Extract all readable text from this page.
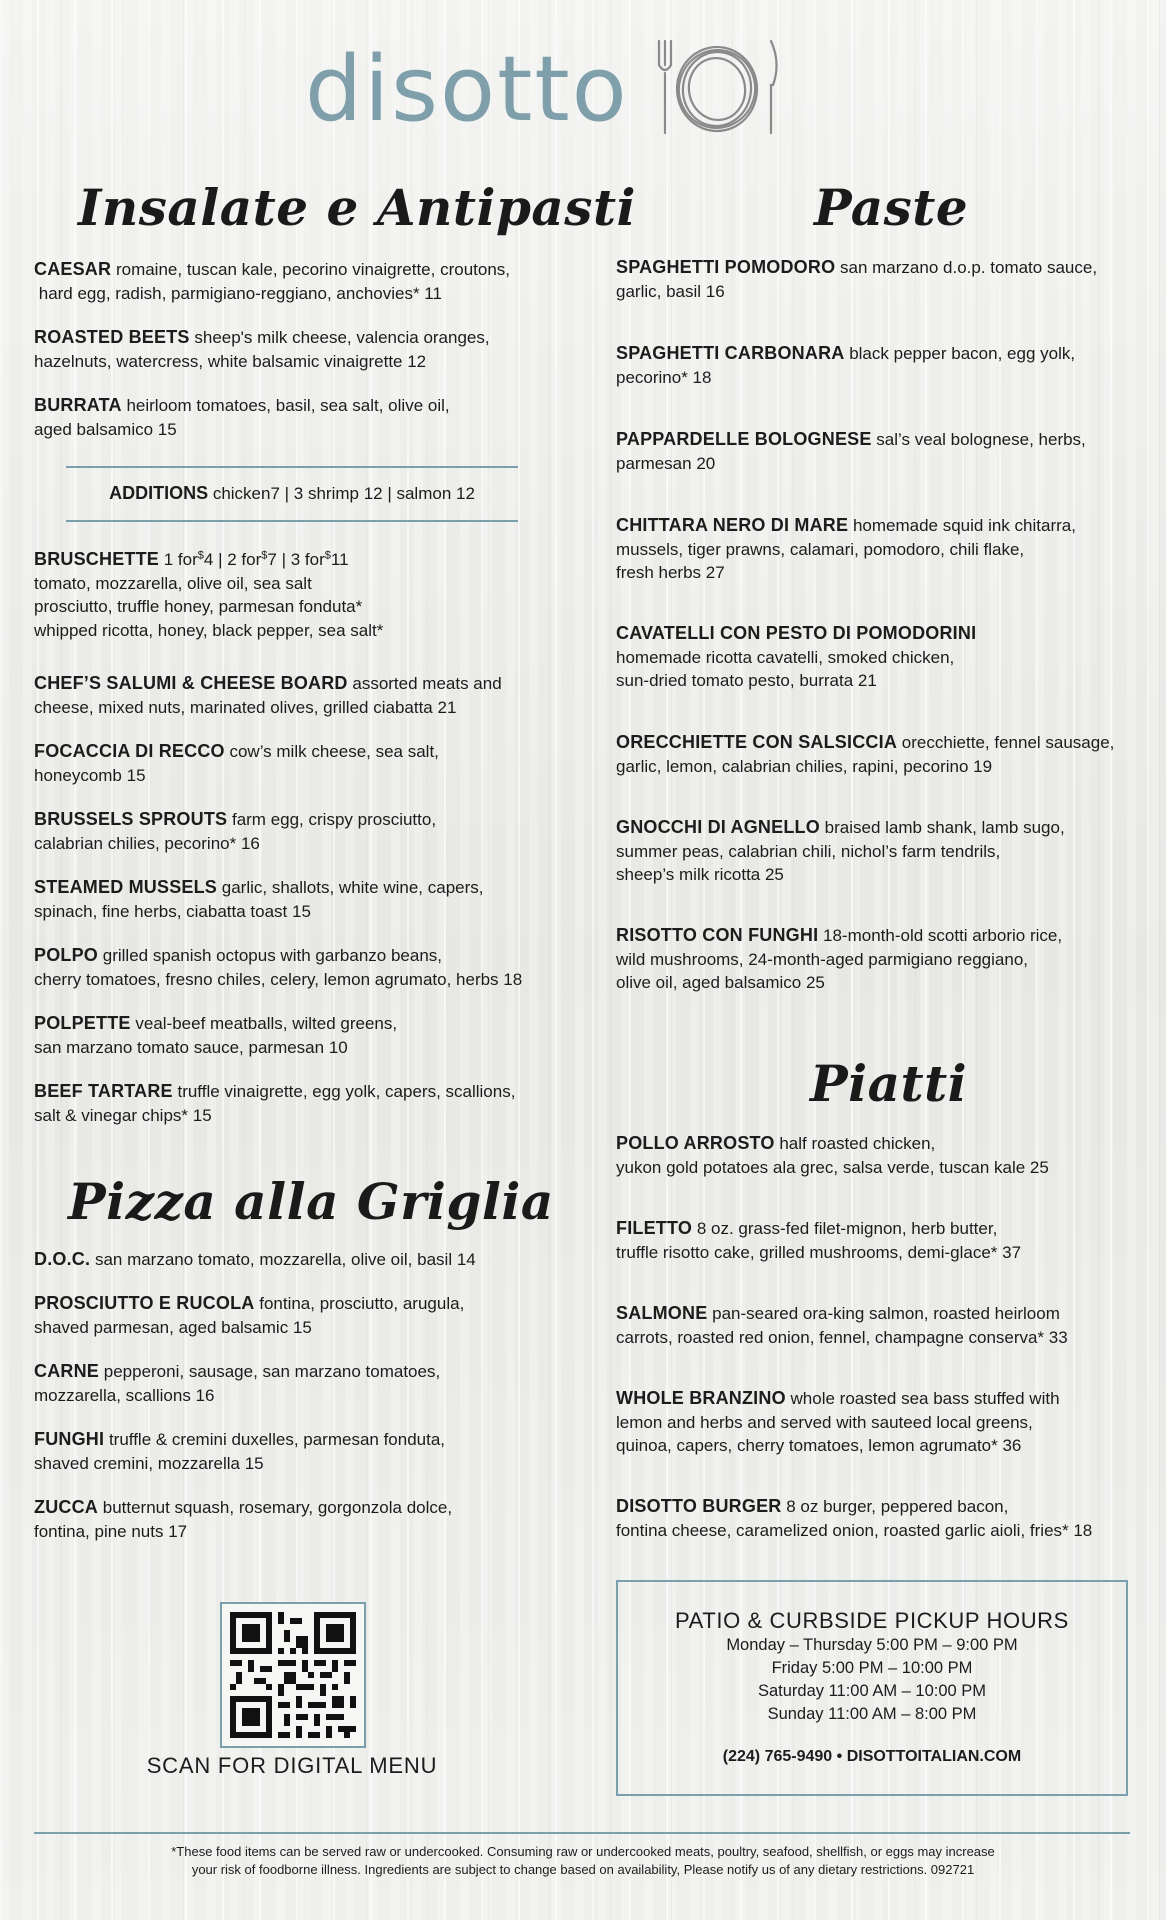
disotto
Insalate e Antipasti
CAESAR romaine, tuscan kale, pecorino vinaigrette, croutons,
hard egg, radish, parmigiano-reggiano, anchovies* 11
ROASTED BEETS sheep's milk cheese, valencia oranges,
hazelnuts, watercress, white balsamic vinaigrette 12
BURRATA heirloom tomatoes, basil, sea salt, olive oil,
aged balsamico 15
ADDITIONS chicken7 | 3 shrimp 12 | salmon 12
BRUSCHETTE 1 for$4 | 2 for$7 | 3 for$11
tomato, mozzarella, olive oil, sea salt
prosciutto, truffle honey, parmesan fonduta*
whipped ricotta, honey, black pepper, sea salt*
CHEF’S SALUMI & CHEESE BOARD assorted meats and
cheese, mixed nuts, marinated olives, grilled ciabatta 21
FOCACCIA DI RECCO cow’s milk cheese, sea salt,
honeycomb 15
BRUSSELS SPROUTS farm egg, crispy prosciutto,
calabrian chilies, pecorino* 16
STEAMED MUSSELS garlic, shallots, white wine, capers,
spinach, fine herbs, ciabatta toast 15
POLPO grilled spanish octopus with garbanzo beans,
cherry tomatoes, fresno chiles, celery, lemon agrumato, herbs 18
POLPETTE veal-beef meatballs, wilted greens,
san marzano tomato sauce, parmesan 10
BEEF TARTARE truffle vinaigrette, egg yolk, capers, scallions,
salt & vinegar chips* 15
Pizza alla Griglia
D.O.C. san marzano tomato, mozzarella, olive oil, basil 14
PROSCIUTTO E RUCOLA fontina, prosciutto, arugula,
shaved parmesan, aged balsamic 15
CARNE pepperoni, sausage, san marzano tomatoes,
mozzarella, scallions 16
FUNGHI truffle & cremini duxelles, parmesan fonduta,
shaved cremini, mozzarella 15
ZUCCA butternut squash, rosemary, gorgonzola dolce,
fontina, pine nuts 17
SCAN FOR DIGITAL MENU
Paste
SPAGHETTI POMODORO san marzano d.o.p. tomato sauce,
garlic, basil 16
SPAGHETTI CARBONARA black pepper bacon, egg yolk,
pecorino* 18
PAPPARDELLE BOLOGNESE sal’s veal bolognese, herbs,
parmesan 20
CHITTARA NERO DI MARE homemade squid ink chitarra,
mussels, tiger prawns, calamari, pomodoro, chili flake,
fresh herbs 27
CAVATELLI CON PESTO DI POMODORINI
homemade ricotta cavatelli, smoked chicken,
sun-dried tomato pesto, burrata 21
ORECCHIETTE CON SALSICCIA orecchiette, fennel sausage,
garlic, lemon, calabrian chilies, rapini, pecorino 19
GNOCCHI DI AGNELLO braised lamb shank, lamb sugo,
summer peas, calabrian chili, nichol’s farm tendrils,
sheep’s milk ricotta 25
RISOTTO CON FUNGHI 18-month-old scotti arborio rice,
wild mushrooms, 24-month-aged parmigiano reggiano,
olive oil, aged balsamico 25
Piatti
POLLO ARROSTO half roasted chicken,
yukon gold potatoes ala grec, salsa verde, tuscan kale 25
FILETTO 8 oz. grass-fed filet-mignon, herb butter,
truffle risotto cake, grilled mushrooms, demi-glace* 37
SALMONE pan-seared ora-king salmon, roasted heirloom
carrots, roasted red onion, fennel, champagne conserva* 33
WHOLE BRANZINO whole roasted sea bass stuffed with
lemon and herbs and served with sauteed local greens,
quinoa, capers, cherry tomatoes, lemon agrumato* 36
DISOTTO BURGER 8 oz burger, peppered bacon,
fontina cheese, caramelized onion, roasted garlic aioli, fries* 18
PATIO & CURBSIDE PICKUP HOURS
Monday – Thursday 5:00 PM – 9:00 PM
Friday 5:00 PM – 10:00 PM
Saturday 11:00 AM – 10:00 PM
Sunday 11:00 AM – 8:00 PM
(224) 765-9490 • DISOTTOITALIAN.COM
*These food items can be served raw or undercooked. Consuming raw or undercooked meats, poultry, seafood, shellfish, or eggs may increase
your risk of foodborne illness. Ingredients are subject to change based on availability, Please notify us of any dietary restrictions. 092721
